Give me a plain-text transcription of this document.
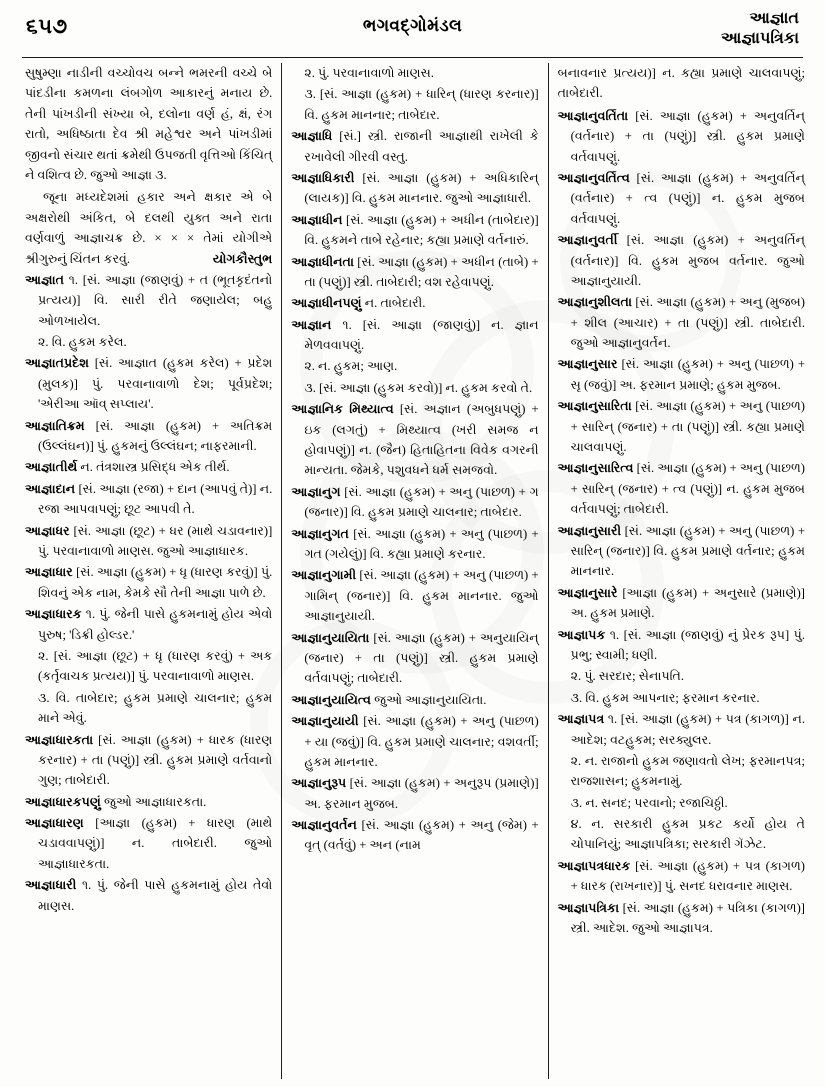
૬૫૭	ભગવદ્ગોમંડલ	આજ્ઞાત
આજ્ઞાપત્રિકા

સુષુમ્ણા નાડીની વચ્ચોવચ બન્ને ભમરની વચ્ચે બે પાંદડીના કમળના લંબગોળ આકારનું મનાય છે. તેની પાંખડીની સંખ્યા બે, દલોના વર્ણ હં, ક્ષં, રંગ રાતો, અધિષ્ઠાતા દેવ શ્રી મહેશ્વર અને પાંખડીમાં જીવનો સંચાર થતાં ક્રમેથી ઉપજતી વૃત્તિઓ કિંચિત્ ને વશિત્વ છે. જુઓ આજ્ઞા ૩.

જૂના મધ્યદેશમાં હકાર અને ક્ષકાર એ બે અક્ષરોથી અંકિત, બે દલથી યુક્ત અને રાતા વર્ણવાળું આજ્ઞાચક્ર છે. × × × તેમાં યોગીએ શ્રીગુરુનું ચિંતન કરવું.	યોગકૌસ્તુભ

આજ્ઞાત ૧. [સં. આજ્ઞા (જાણવું) + ત (ભૂતકૃદંતનો પ્રત્યય)] વિ. સારી રીતે જણાયેલ; બહુ ઓળખાયેલ.

૨. વિ. હુકમ કરેલ.

આજ્ઞાતપ્રદેશ [સં. આજ્ઞાત (હુકમ કરેલ) + પ્રદેશ (મુલક)] પું. પરવાનાવાળો દેશ; પૂર્વપ્રદેશ; 'એરીઆ ઑવ્ સપ્લાય'.

આજ્ઞાતિક્રમ [સં. આજ્ઞા (હુકમ) + અતિક્રમ (ઉલ્લંઘન)] પું. હુકમનું ઉલ્લંઘન; નાફરમાની.

આજ્ઞાતીર્થ ન. તંત્રશાસ્ત્ર પ્રસિદ્ધ એક તીર્થ.

આજ્ઞાદાન [સં. આજ્ઞા (રજા) + દાન (આપવું તે)] ન. રજા આપવાપણું; છૂટ આપવી તે.

આજ્ઞાધર [સં. આજ્ઞા (છૂટ) + ધર (માથે ચડાવનાર)] પું. પરવાનાવાળો માણસ. જુઓ આજ્ઞાધારક.

આજ્ઞાધાર [સં. આજ્ઞા (હુકમ) + ધૃ (ધારણ કરવું)] પું. શિવનું એક નામ, કેમકે સૌ તેની આજ્ઞા પાળે છે.

આજ્ઞાધારક ૧. પું. જેની પાસે હુકમનામું હોય એવો પુરુષ; 'ડિક્રી હોલ્ડર.'

૨. [સં. આજ્ઞા (છૂટ) + ધૃ (ધારણ કરવું) + અક (કર્તૃવાચક પ્રત્યય)] પું. પરવાનાવાળો માણસ.

૩. વિ. તાબેદાર; હુકમ પ્રમાણે ચાલનાર; હુકમ માને એવું.

આજ્ઞાધારકતા [સં. આજ્ઞા (હુકમ) + ધારક (ધારણ કરનાર) + તા (પણું)] સ્ત્રી. હુકમ પ્રમાણે વર્તવાનો ગુણ; તાબેદારી.

આજ્ઞાધારકપણું જુઓ આજ્ઞાધારકતા.

આજ્ઞાધારણ [આજ્ઞા (હુકમ) + ધારણ (માથે ચડાવવાપણું)] ન. તાબેદારી. જુઓ આજ્ઞાધારકતા.

આજ્ઞાધારી ૧. પું. જેની પાસે હુકમનામું હોય તેવો માણસ.

૨. પું. પરવાનાવાળો માણસ.

૩. [સં. આજ્ઞા (હુકમ) + ધારિન્ (ધારણ કરનાર)] વિ. હુકમ માનનાર; તાબેદાર.

આજ્ઞાધિ [સં.] સ્ત્રી. રાજાની આજ્ઞાથી રાખેલી કે રખાવેલી ગીરવી વસ્તુ.

આજ્ઞાધિકારી [સં. આજ્ઞા (હુકમ) + અધિકારિન્ (લાયક)] વિ. હુકમ માનનાર. જુઓ આજ્ઞાધારી.

આજ્ઞાધીન [સં. આજ્ઞા (હુકમ) + અધીન (તાબેદાર)] વિ. હુકમને તાબે રહેનાર; કહ્યા પ્રમાણે વર્તનારું.

આજ્ઞાધીનતા [સં. આજ્ઞા (હુકમ) + અધીન (તાબે) + તા (પણું)] સ્ત્રી. તાબેદારી; વશ રહેવાપણું.

આજ્ઞાધીનપણું ન. તાબેદારી.

આજ્ઞાન ૧. [સં. આજ્ઞા (જાણવું)] ન. જ્ઞાન મેળવવાપણું.

૨. ન. હુકમ; આણ.

૩. [સં. આજ્ઞા (હુકમ કરવો)] ન. હુકમ કરવો તે.

આજ્ઞાનિક મિથ્યાત્વ [સં. અજ્ઞાન (અબુધપણું) + ઇક (લગતું) + મિથ્યાત્વ (ખરી સમજ ન હોવાપણું)] ન. (જૈન) હિતાહિતના વિવેક વગરની માન્યતા. જેમકે, પશુવધને ધર્મ સમજવો.

આજ્ઞાનુગ [સં. આજ્ઞા (હુકમ) + અનુ (પાછળ) + ગ (જનાર)] વિ. હુકમ પ્રમાણે ચાલનાર; તાબેદાર.

આજ્ઞાનુગત [સં. આજ્ઞા (હુકમ) + અનુ (પાછળ) + ગત (ગયેલું)] વિ. કહ્યા પ્રમાણે કરનાર.

આજ્ઞાનુગામી [સં. આજ્ઞા (હુકમ) + અનુ (પાછળ) + ગામિન્ (જનાર)] વિ. હુકમ માનનાર. જુઓ આજ્ઞાનુયાયી.

આજ્ઞાનુયાયિતા [સં. આજ્ઞા (હુકમ) + અનુયાયિન્ (જનાર) + તા (પણું)] સ્ત્રી. હુકમ પ્રમાણે વર્તવાપણું; તાબેદારી.

આજ્ઞાનુયાયિત્વ જુઓ આજ્ઞાનુયાયિતા.

આજ્ઞાનુયાયી [સં. આજ્ઞા (હુકમ) + અનુ (પાછળ) + યા (જવું)] વિ. હુકમ પ્રમાણે ચાલનાર; વશવર્તી; હુકમ માનનાર.

આજ્ઞાનુરૂપ [સં. આજ્ઞા (હુકમ) + અનુરૂપ (પ્રમાણે)] અ. ફરમાન મુજબ.

આજ્ઞાનુવર્તન [સં. આજ્ઞા (હુકમ) + અનુ (જેમ) + વૃત્ (વર્તવું) + અન (નામ

બનાવનાર પ્રત્યય)] ન. કહ્યા પ્રમાણે ચાલવાપણું; તાબેદારી.

આજ્ઞાનુવર્તિતા [સં. આજ્ઞા (હુકમ) + અનુવર્તિન્ (વર્તનાર) + તા (પણું)] સ્ત્રી. હુકમ પ્રમાણે વર્તવાપણું.

આજ્ઞાનુવર્તિત્વ [સં. આજ્ઞા (હુકમ) + અનુવર્તિન્ (વર્તનાર) + ત્વ (પણું)] ન. હુકમ મુજબ વર્તવાપણું.

આજ્ઞાનુવર્તી [સં. આજ્ઞા (હુકમ) + અનુવર્તિન્ (વર્તનાર)] વિ. હુકમ મુજબ વર્તનાર. જુઓ આજ્ઞાનુયાયી.

આજ્ઞાનુશીલતા [સં. આજ્ઞા (હુકમ) + અનુ (મુજબ) + શીલ (આચાર) + તા (પણું)] સ્ત્રી. તાબેદારી. જુઓ આજ્ઞાનુવર્તન.

આજ્ઞાનુસાર [સં. આજ્ઞા (હુકમ) + અનુ (પાછળ) + સૃ (જવું)] અ. ફરમાન પ્રમાણે; હુકમ મુજબ.

આજ્ઞાનુસારિતા [સં. આજ્ઞા (હુકમ) + અનુ (પાછળ) + સારિન્ (જનાર) + તા (પણું)] સ્ત્રી. કહ્યા પ્રમાણે ચાલવાપણું.

આજ્ઞાનુસારિત્વ [સં. આજ્ઞા (હુકમ) + અનુ (પાછળ) + સારિન્ (જનાર) + ત્વ (પણું)] ન. હુકમ મુજબ વર્તવાપણું; તાબેદારી.

આજ્ઞાનુસારી [સં. આજ્ઞા (હુકમ) + અનુ (પાછળ) + સારિન્ (જનાર)] વિ. હુકમ પ્રમાણે વર્તનાર; હુકમ માનનાર.

આજ્ઞાનુસારે [આજ્ઞા (હુકમ) + અનુસારે (પ્રમાણે)] અ. હુકમ પ્રમાણે.

આજ્ઞાપક ૧. [સં. આજ્ઞા (જાણવું) નું પ્રેરક રૂપ] પું. પ્રભુ; સ્વામી; ધણી.

૨. પું. સરદાર; સેનાપતિ.

૩. વિ. હુકમ આપનાર; ફરમાન કરનાર.

આજ્ઞાપત્ર ૧. [સં. આજ્ઞા (હુકમ) + પત્ર (કાગળ)] ન. આદેશ; વટહુકમ; સરક્યુલર.

૨. ન. રાજાનો હુકમ જણાવતો લેખ; ફરમાનપત્ર; રાજશાસન; હુકમનામું.

૩. ન. સનદ; પરવાનો; રજાચિઠ્ઠી.

૪. ન. સરકારી હુકમ પ્રકટ કર્યો હોય તે ચોપાનિયું; આજ્ઞાપત્રિકા; સરકારી ગૅઝેટ.

આજ્ઞાપત્રધારક [સં. આજ્ઞા (હુકમ) + પત્ર (કાગળ) + ધારક (રાખનાર)] પું. સનદ ધરાવનાર માણસ.

આજ્ઞાપત્રિકા [સં. આજ્ઞા (હુકમ) + પત્રિકા (કાગળ)] સ્ત્રી. આદેશ. જુઓ આજ્ઞાપત્ર.
